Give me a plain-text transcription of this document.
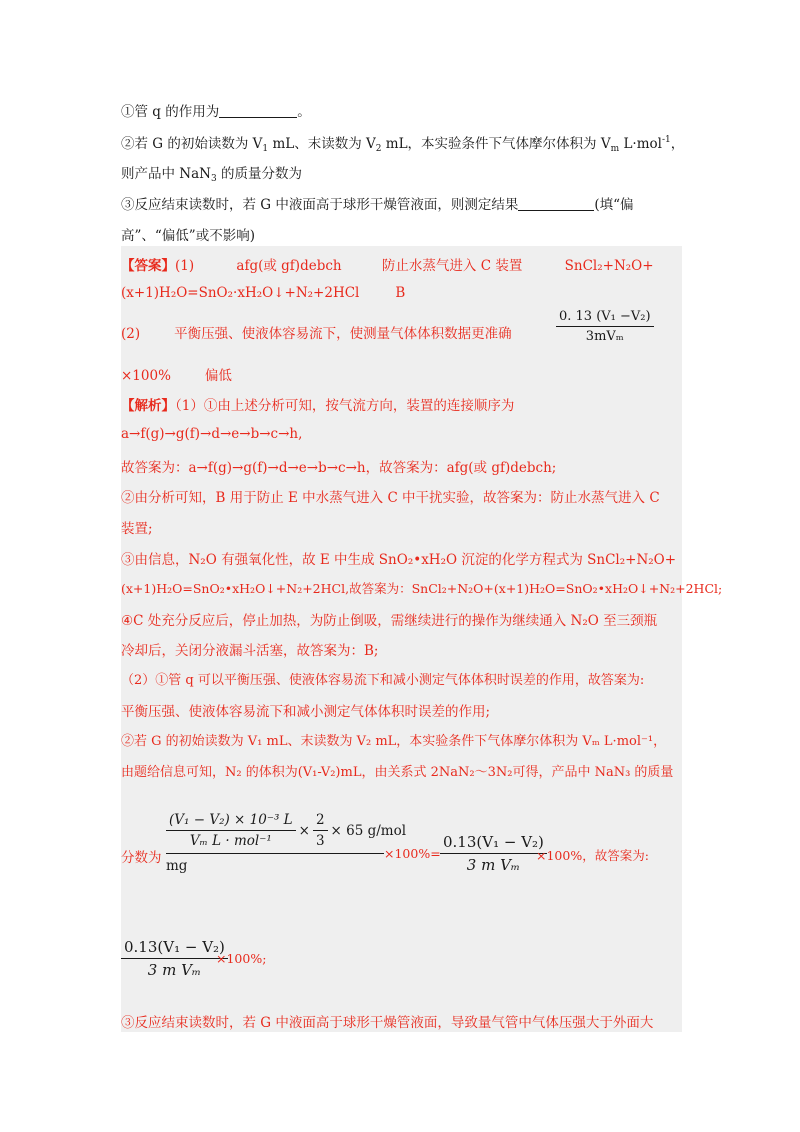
①管 q 的作用为	。
②若 G 的初始读数为 $V_1$ mL、末读数为 $V_2$ mL，本实验条件下气体摩尔体积为 $V_m$ L·mol$^{-1}$，
则产品中 NaN$_3$ 的质量分数为
③反应结束读数时，若 G 中液面高于球形干燥管液面，则测定结果	(填“偏
高”、“偏低”或不影响)
【答案】(1)	afg(或 gf)debch	防止水蒸气进入 C 装置	SnCl₂+N₂O+
(x+1)H₂O=SnO₂·xH₂O↓+N₂+2HCl	B
(2)	平衡压强、使液体容易流下，使测量气体体积数据更准确
0. 13 (V₁ −V₂)
3mVₘ
×100%	偏低
【解析】（1）①由上述分析可知，按气流方向，装置的连接顺序为
a→f(g)→g(f)→d→e→b→c→h,
故答案为：a→f(g)→g(f)→d→e→b→c→h，故答案为：afg(或 gf)debch;
②由分析可知，B 用于防止 E 中水蒸气进入 C 中干扰实验，故答案为：防止水蒸气进入 C
装置;
③由信息，N₂O 有强氧化性，故 E 中生成 SnO₂•xH₂O 沉淀的化学方程式为 SnCl₂+N₂O+
(x+1)H₂O=SnO₂•xH₂O↓+N₂+2HCl,故答案为：SnCl₂+N₂O+(x+1)H₂O=SnO₂•xH₂O↓+N₂+2HCl;
④C 处充分反应后，停止加热，为防止倒吸，需继续进行的操作为继续通入 N₂O 至三颈瓶
冷却后，关闭分液漏斗活塞，故答案为：B;
（2）①管 q 可以平衡压强、使液体容易流下和减小测定气体体积时误差的作用，故答案为:
平衡压强、使液体容易流下和减小测定气体体积时误差的作用;
②若 G 的初始读数为 V₁ mL、末读数为 V₂ mL，本实验条件下气体摩尔体积为 Vₘ L·mol⁻¹，
由题给信息可知，N₂ 的体积为(V₁-V₂)mL，由关系式 2NaN₂～3N₂可得，产品中 NaN₃ 的质量
分数为
$\frac{\text{(V₁ − V₂) × 10⁻³ L}}{\text{Vₘ L · mol⁻¹}} \times \frac{2}{3} \times 65$ g/mol
mg
×100%=
0.13(V₁ − V₂)
3 m Vₘ
×100%，故答案为:
0.13(V₁ − V₂)
3 m Vₘ
×100%;
③反应结束读数时，若 G 中液面高于球形干燥管液面，导致量气管中气体压强大于外面大
